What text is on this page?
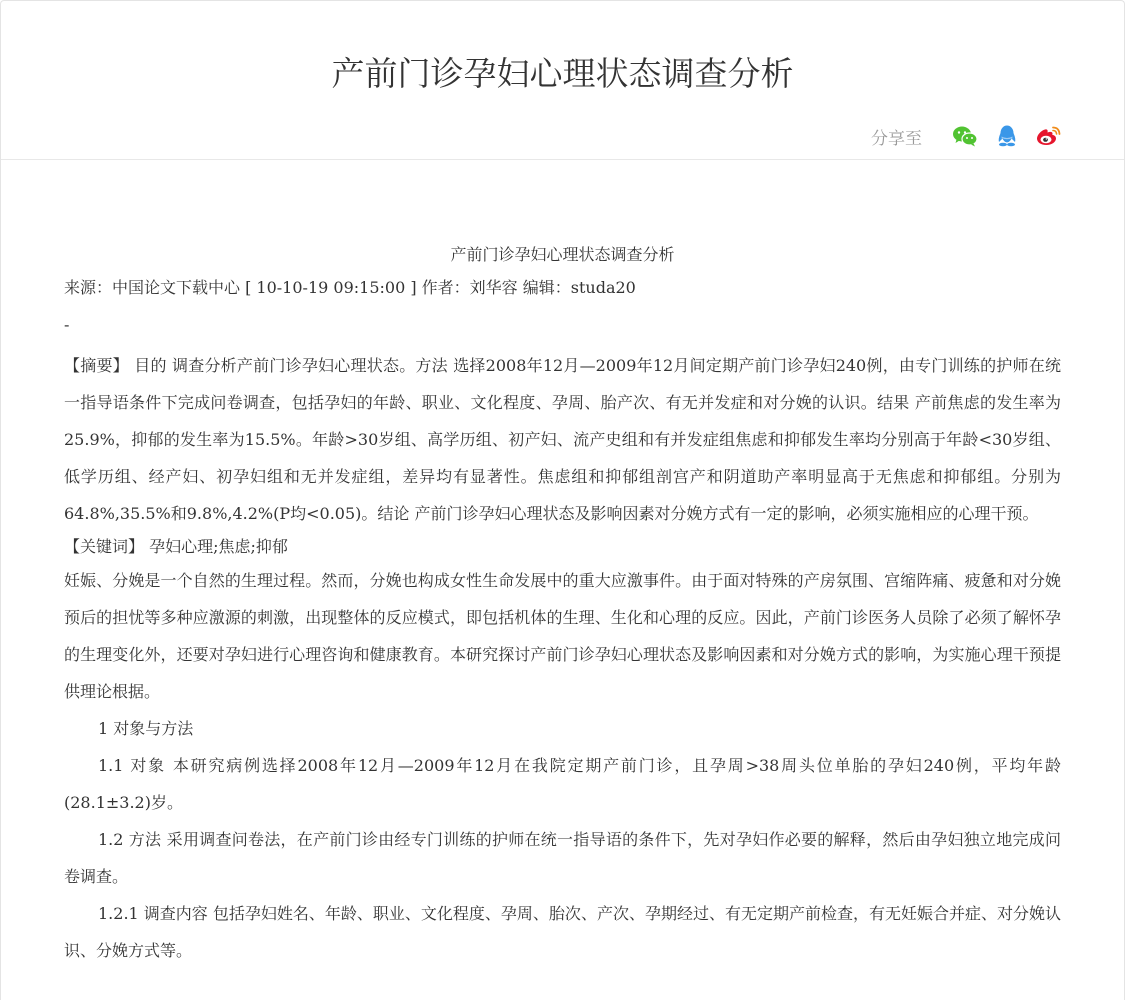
产前门诊孕妇心理状态调查分析
分享至

产前门诊孕妇心理状态调查分析

来源：中国论文下载中心 [ 10-10-19 09:15:00 ] 作者：刘华容 编辑：studa20

-

【摘要】 目的 调查分析产前门诊孕妇心理状态。方法 选择2008年12月—2009年12月间定期产前门诊孕妇240例，由专门训练的护师在统一指导语条件下完成问卷调查，包括孕妇的年龄、职业、文化程度、孕周、胎产次、有无并发症和对分娩的认识。结果 产前焦虑的发生率为25.9%，抑郁的发生率为15.5%。年龄>30岁组、高学历组、初产妇、流产史组和有并发症组焦虑和抑郁发生率均分别高于年龄<30岁组、低学历组、经产妇、初孕妇组和无并发症组，差异均有显著性。焦虑组和抑郁组剖宫产和阴道助产率明显高于无焦虑和抑郁组。分别为64.8%,35.5%和9.8%,4.2%(P均<0.05)。结论 产前门诊孕妇心理状态及影响因素对分娩方式有一定的影响，必须实施相应的心理干预。

【关键词】 孕妇心理;焦虑;抑郁

妊娠、分娩是一个自然的生理过程。然而，分娩也构成女性生命发展中的重大应激事件。由于面对特殊的产房氛围、宫缩阵痛、疲惫和对分娩预后的担忧等多种应激源的刺激，出现整体的反应模式，即包括机体的生理、生化和心理的反应。因此，产前门诊医务人员除了必须了解怀孕的生理变化外，还要对孕妇进行心理咨询和健康教育。本研究探讨产前门诊孕妇心理状态及影响因素和对分娩方式的影响，为实施心理干预提供理论根据。

1 对象与方法

1.1 对象 本研究病例选择2008年12月—2009年12月在我院定期产前门诊，且孕周>38周头位单胎的孕妇240例，平均年龄(28.1±3.2)岁。

1.2 方法 采用调查问卷法，在产前门诊由经专门训练的护师在统一指导语的条件下，先对孕妇作必要的解释，然后由孕妇独立地完成问卷调查。

1.2.1 调查内容 包括孕妇姓名、年龄、职业、文化程度、孕周、胎次、产次、孕期经过、有无定期产前检查，有无妊娠合并症、对分娩认识、分娩方式等。
